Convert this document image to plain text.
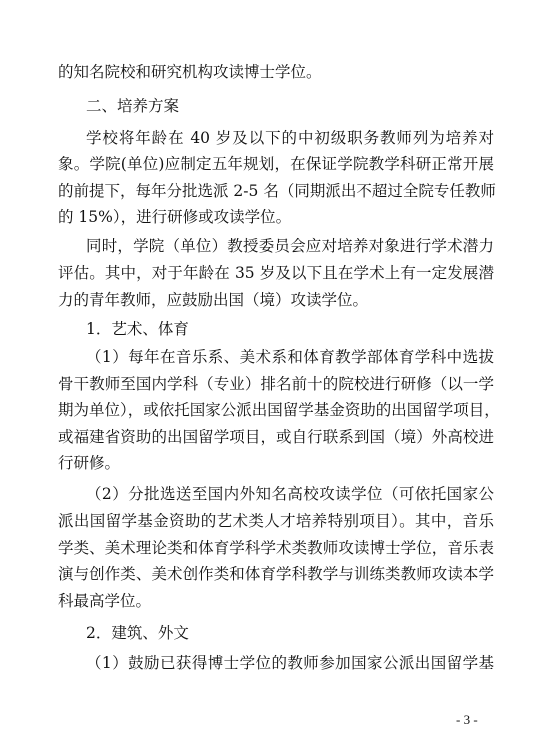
的知名院校和研究机构攻读博士学位。
二、培养方案
学校将年龄在 40 岁及以下的中初级职务教师列为培养对
象。学院(单位)应制定五年规划，在保证学院教学科研正常开展
的前提下，每年分批选派 2-5 名（同期派出不超过全院专任教师
的 15%），进行研修或攻读学位。
同时，学院（单位）教授委员会应对培养对象进行学术潜力
评估。其中，对于年龄在 35 岁及以下且在学术上有一定发展潜
力的青年教师，应鼓励出国（境）攻读学位。
1．艺术、体育
（1）每年在音乐系、美术系和体育教学部体育学科中选拔
骨干教师至国内学科（专业）排名前十的院校进行研修（以一学
期为单位），或依托国家公派出国留学基金资助的出国留学项目，
或福建省资助的出国留学项目，或自行联系到国（境）外高校进
行研修。
（2）分批选送至国内外知名高校攻读学位（可依托国家公
派出国留学基金资助的艺术类人才培养特别项目）。其中，音乐
学类、美术理论类和体育学科学术类教师攻读博士学位，音乐表
演与创作类、美术创作类和体育学科教学与训练类教师攻读本学
科最高学位。
2．建筑、外文
（1）鼓励已获得博士学位的教师参加国家公派出国留学基
- 3 -
